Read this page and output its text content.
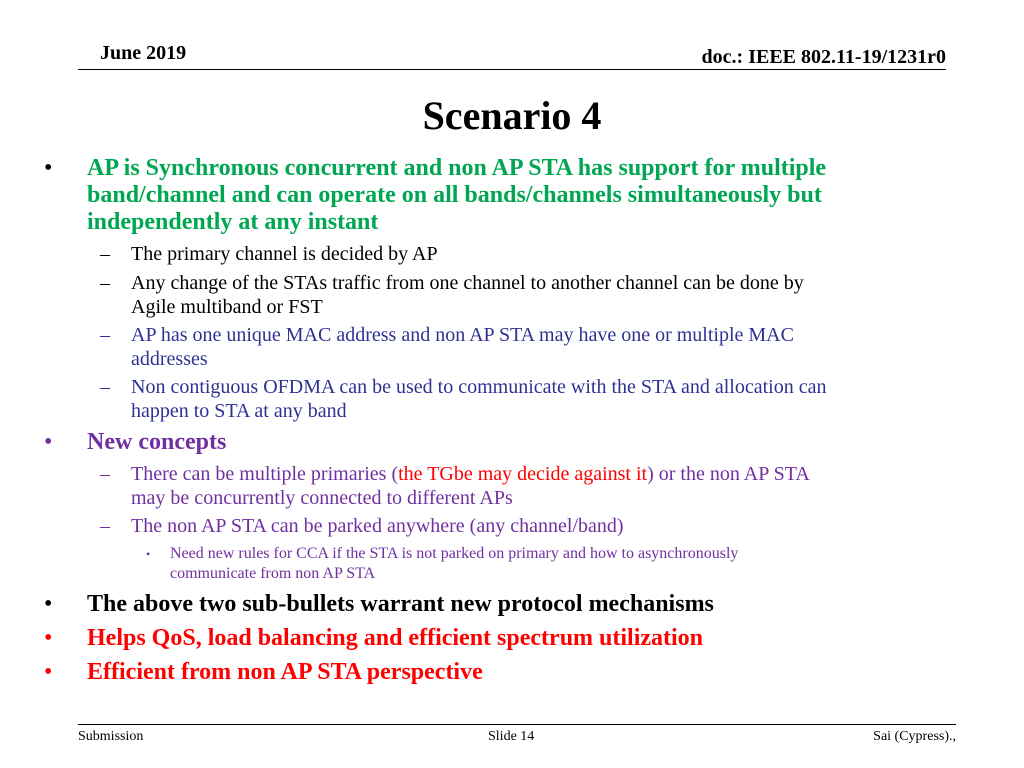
June 2019	doc.: IEEE 802.11-19/1231r0
Scenario 4
•	AP is Synchronous concurrent and non AP STA has support for multiple
band/channel and can operate on all bands/channels simultaneously but
independently at any instant
– The primary channel is decided by AP
– Any change of the STAs traffic from one channel to another channel can be done by
Agile multiband or FST
– AP has one unique MAC address and non AP STA may have one or multiple MAC
addresses
– Non contiguous OFDMA can be used to communicate with the STA and allocation can
happen to STA at any band
•	New concepts
– There can be multiple primaries (the TGbe may decide against it) or the non AP STA
may be concurrently connected to different APs
– The non AP STA can be parked anywhere (any channel/band)
• Need new rules for CCA if the STA is not parked on primary and how to asynchronously
communicate from non AP STA
•	The above two sub-bullets warrant new protocol mechanisms
•	Helps QoS, load balancing and efficient spectrum utilization
•	Efficient from non AP STA perspective
Submission	Slide 14	Sai (Cypress).,
